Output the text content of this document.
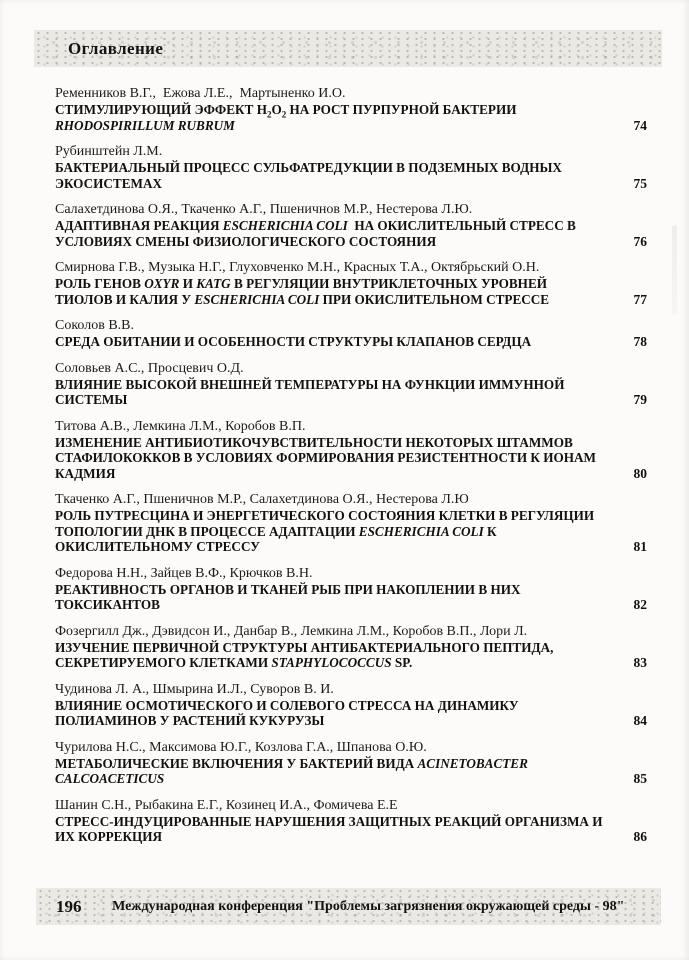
Оглавление
Ременников В.Г.,  Ежова Л.Е.,  Мартыненко И.О.
СТИМУЛИРУЮЩИЙ ЭФФЕКТ $H_2O_2$ НА РОСТ ПУРПУРНОЙ БАКТЕРИИ RHODOSPIRILLUM RUBRUM	74
Рубинштейн Л.М.
БАКТЕРИАЛЬНЫЙ ПРОЦЕСС СУЛЬФАТРЕДУКЦИИ В ПОДЗЕМНЫХ ВОДНЫХ ЭКОСИСТЕМАХ	75
Салахетдинова О.Я., Ткаченко А.Г., Пшеничнов М.Р., Нестерова Л.Ю.
АДАПТИВНАЯ РЕАКЦИЯ ESCHERICHIA COLI  НА ОКИСЛИТЕЛЬНЫЙ СТРЕСС В УСЛОВИЯХ СМЕНЫ ФИЗИОЛОГИЧЕСКОГО СОСТОЯНИЯ	76
Смирнова Г.В., Музыка Н.Г., Глуховченко М.Н., Красных Т.А., Октябрьский О.Н.
РОЛЬ ГЕНОВ OXYR И KATG В РЕГУЛЯЦИИ ВНУТРИКЛЕТОЧНЫХ УРОВНЕЙ ТИОЛОВ И КАЛИЯ У ESCHERICHIA COLI ПРИ ОКИСЛИТЕЛЬНОМ СТРЕССЕ	77
Соколов В.В.
СРЕДА ОБИТАНИИ И ОСОБЕННОСТИ СТРУКТУРЫ КЛАПАНОВ СЕРДЦА	78
Соловьев А.С., Просцевич О.Д.
ВЛИЯНИЕ ВЫСОКОЙ ВНЕШНЕЙ ТЕМПЕРАТУРЫ НА ФУНКЦИИ ИММУННОЙ СИСТЕМЫ	79
Титова А.В., Лемкина Л.М., Коробов В.П.
ИЗМЕНЕНИЕ АНТИБИОТИКОЧУВСТВИТЕЛЬНОСТИ НЕКОТОРЫХ ШТАММОВ СТАФИЛОКОККОВ В УСЛОВИЯХ ФОРМИРОВАНИЯ РЕЗИСТЕНТНОСТИ К ИОНАМ КАДМИЯ	80
Ткаченко А.Г., Пшеничнов М.Р., Салахетдинова О.Я., Нестерова Л.Ю
РОЛЬ ПУТРЕСЦИНА И ЭНЕРГЕТИЧЕСКОГО СОСТОЯНИЯ КЛЕТКИ В РЕГУЛЯЦИИ ТОПОЛОГИИ ДНК В ПРОЦЕССЕ АДАПТАЦИИ ESCHERICHIA COLI К ОКИСЛИТЕЛЬНОМУ СТРЕССУ	81
Федорова Н.Н., Зайцев В.Ф., Крючков В.Н.
РЕАКТИВНОСТЬ ОРГАНОВ И ТКАНЕЙ РЫБ ПРИ НАКОПЛЕНИИ В НИХ ТОКСИКАНТОВ	82
Фозергилл Дж., Дэвидсон И., Данбар В., Лемкина Л.М., Коробов В.П., Лори Л.
ИЗУЧЕНИЕ ПЕРВИЧНОЙ СТРУКТУРЫ АНТИБАКТЕРИАЛЬНОГО ПЕПТИДА, СЕКРЕТИРУЕМОГО КЛЕТКАМИ STAPHYLOCOCCUS SP.	83
Чудинова Л. А., Шмырина И.Л., Суворов В. И.
ВЛИЯНИЕ ОСМОТИЧЕСКОГО И СОЛЕВОГО СТРЕССА НА ДИНАМИКУ ПОЛИАМИНОВ У РАСТЕНИЙ КУКУРУЗЫ	84
Чурилова Н.С., Максимова Ю.Г., Козлова Г.А., Шпанова О.Ю.
МЕТАБОЛИЧЕСКИЕ ВКЛЮЧЕНИЯ У БАКТЕРИЙ ВИДА ACINETOBACTER CALCOACETICUS	85
Шанин С.Н., Рыбакина Е.Г., Козинец И.А., Фомичева Е.Е
СТРЕСС-ИНДУЦИРОВАННЫЕ НАРУШЕНИЯ ЗАЩИТНЫХ РЕАКЦИЙ ОРГАНИЗМА И ИХ КОРРЕКЦИЯ	86
196	Международная конференция "Проблемы загрязнения окружающей среды - 98"
